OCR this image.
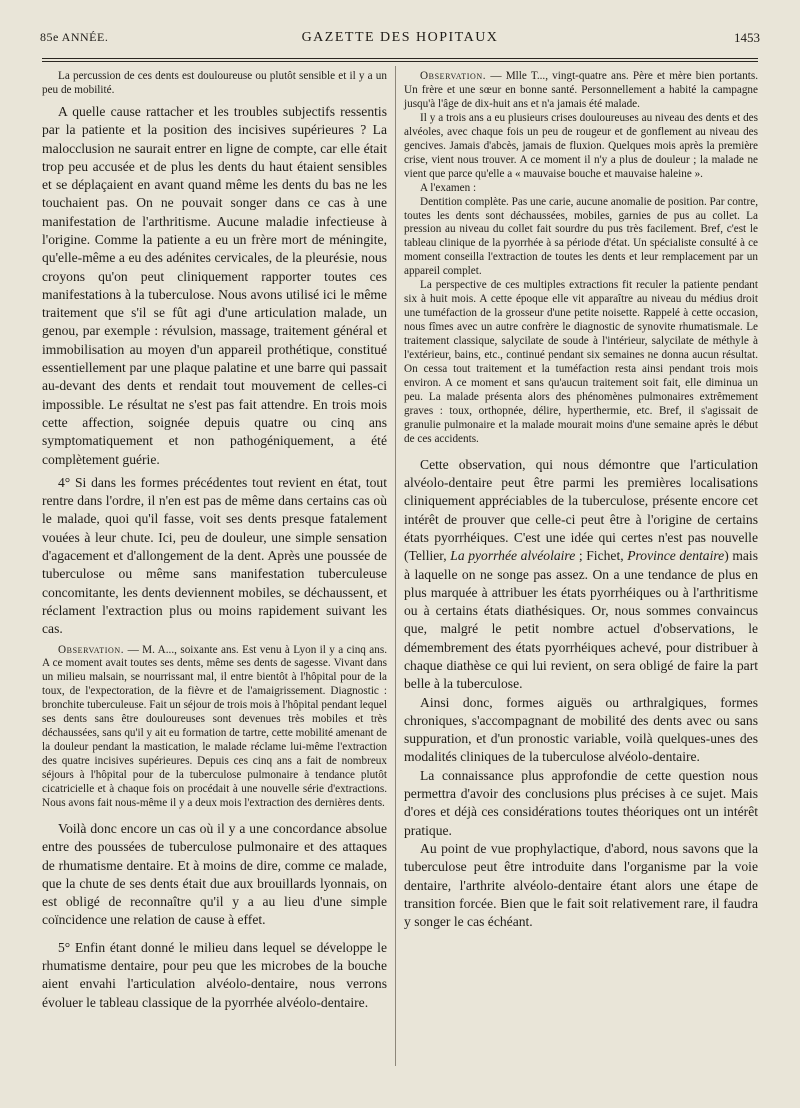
85e ANNÉE.	GAZETTE DES HOPITAUX	1453

La percussion de ces dents est douloureuse ou plutôt sensible et il y a un peu de mobilité.

A quelle cause rattacher et les troubles subjectifs ressentis par la patiente et la position des incisives supérieures ? La malocclusion ne saurait entrer en ligne de compte, car elle était trop peu accusée et de plus les dents du haut étaient sensibles et se déplaçaient en avant quand même les dents du bas ne les touchaient pas. On ne pouvait songer dans ce cas à une manifestation de l'arthritisme. Aucune maladie infectieuse à l'origine. Comme la patiente a eu un frère mort de méningite, qu'elle-même a eu des adénites cervicales, de la pleurésie, nous croyons qu'on peut cliniquement rapporter toutes ces manifestations à la tuberculose. Nous avons utilisé ici le même traitement que s'il se fût agi d'une articulation malade, un genou, par exemple : révulsion, massage, traitement général et immobilisation au moyen d'un appareil prothétique, constitué essentiellement par une plaque palatine et une barre qui passait au-devant des dents et rendait tout mouvement de celles-ci impossible. Le résultat ne s'est pas fait attendre. En trois mois cette affection, soignée depuis quatre ou cinq ans symptomatiquement et non pathogéniquement, a été complètement guérie.

4° Si dans les formes précédentes tout revient en état, tout rentre dans l'ordre, il n'en est pas de même dans certains cas où le malade, quoi qu'il fasse, voit ses dents presque fatalement vouées à leur chute. Ici, peu de douleur, une simple sensation d'agacement et d'allongement de la dent. Après une poussée de tuberculose ou même sans manifestation tuberculeuse concomitante, les dents deviennent mobiles, se déchaussent, et réclament l'extraction plus ou moins rapidement suivant les cas.

Observation. — M. A..., soixante ans. Est venu à Lyon il y a cinq ans. A ce moment avait toutes ses dents, même ses dents de sagesse. Vivant dans un milieu malsain, se nourrissant mal, il entre bientôt à l'hôpital pour de la toux, de l'expectoration, de la fièvre et de l'amaigrissement. Diagnostic : bronchite tuberculeuse. Fait un séjour de trois mois à l'hôpital pendant lequel ses dents sans être douloureuses sont devenues très mobiles et très déchaussées, sans qu'il y ait eu formation de tartre, cette mobilité amenant de la douleur pendant la mastication, le malade réclame lui-même l'extraction des quatre incisives supérieures. Depuis ces cinq ans a fait de nombreux séjours à l'hôpital pour de la tuberculose pulmonaire à tendance plutôt cicatricielle et à chaque fois on procédait à une nouvelle série d'extractions. Nous avons fait nous-même il y a deux mois l'extraction des dernières dents.

Voilà donc encore un cas où il y a une concordance absolue entre des poussées de tuberculose pulmonaire et des attaques de rhumatisme dentaire. Et à moins de dire, comme ce malade, que la chute de ses dents était due aux brouillards lyonnais, on est obligé de reconnaître qu'il y a au lieu d'une simple coïncidence une relation de cause à effet.

5° Enfin étant donné le milieu dans lequel se développe le rhumatisme dentaire, pour peu que les microbes de la bouche aient envahi l'articulation alvéolo-dentaire, nous verrons évoluer le tableau classique de la pyorrhée alvéolo-dentaire.

Observation. — Mlle T..., vingt-quatre ans. Père et mère bien portants. Un frère et une sœur en bonne santé. Personnellement a habité la campagne jusqu'à l'âge de dix-huit ans et n'a jamais été malade.

Il y a trois ans a eu plusieurs crises douloureuses au niveau des dents et des alvéoles, avec chaque fois un peu de rougeur et de gonflement au niveau des gencives. Jamais d'abcès, jamais de fluxion. Quelques mois après la première crise, vient nous trouver. A ce moment il n'y a plus de douleur ; la malade ne vient que parce qu'elle a « mauvaise bouche et mauvaise haleine ».

A l'examen :

Dentition complète. Pas une carie, aucune anomalie de position. Par contre, toutes les dents sont déchaussées, mobiles, garnies de pus au collet. La pression au niveau du collet fait sourdre du pus très facilement. Bref, c'est le tableau clinique de la pyorrhée à sa période d'état. Un spécialiste consulté à ce moment conseilla l'extraction de toutes les dents et leur remplacement par un appareil complet.

La perspective de ces multiples extractions fit reculer la patiente pendant six à huit mois. A cette époque elle vit apparaître au niveau du médius droit une tuméfaction de la grosseur d'une petite noisette. Rappelé à cette occasion, nous fîmes avec un autre confrère le diagnostic de synovite rhumatismale. Le traitement classique, salycilate de soude à l'intérieur, salycilate de méthyle à l'extérieur, bains, etc., continué pendant six semaines ne donna aucun résultat. On cessa tout traitement et la tuméfaction resta ainsi pendant trois mois environ. A ce moment et sans qu'aucun traitement soit fait, elle diminua un peu. La malade présenta alors des phénomènes pulmonaires extrêmement graves : toux, orthopnée, délire, hyperthermie, etc. Bref, il s'agissait de granulie pulmonaire et la malade mourait moins d'une semaine après le début de ces accidents.

Cette observation, qui nous démontre que l'articulation alvéolo-dentaire peut être parmi les premières localisations cliniquement appréciables de la tuberculose, présente encore cet intérêt de prouver que celle-ci peut être à l'origine de certains états pyorrhéiques. C'est une idée qui certes n'est pas nouvelle (Tellier, La pyorrhée alvéolaire ; Fichet, Province dentaire) mais à laquelle on ne songe pas assez. On a une tendance de plus en plus marquée à attribuer les états pyorrhéiques ou à l'arthritisme ou à certains états diathésiques. Or, nous sommes convaincus que, malgré le petit nombre actuel d'observations, le démembrement des états pyorrhéiques achevé, pour distribuer à chaque diathèse ce qui lui revient, on sera obligé de faire la part belle à la tuberculose.

Ainsi donc, formes aiguës ou arthralgiques, formes chroniques, s'accompagnant de mobilité des dents avec ou sans suppuration, et d'un pronostic variable, voilà quelques-unes des modalités cliniques de la tuberculose alvéolo-dentaire.

La connaissance plus approfondie de cette question nous permettra d'avoir des conclusions plus précises à ce sujet. Mais d'ores et déjà ces considérations toutes théoriques ont un intérêt pratique.

Au point de vue prophylactique, d'abord, nous savons que la tuberculose peut être introduite dans l'organisme par la voie dentaire, l'arthrite alvéolo-dentaire étant alors une étape de transition forcée. Bien que le fait soit relativement rare, il faudra y songer le cas échéant.
